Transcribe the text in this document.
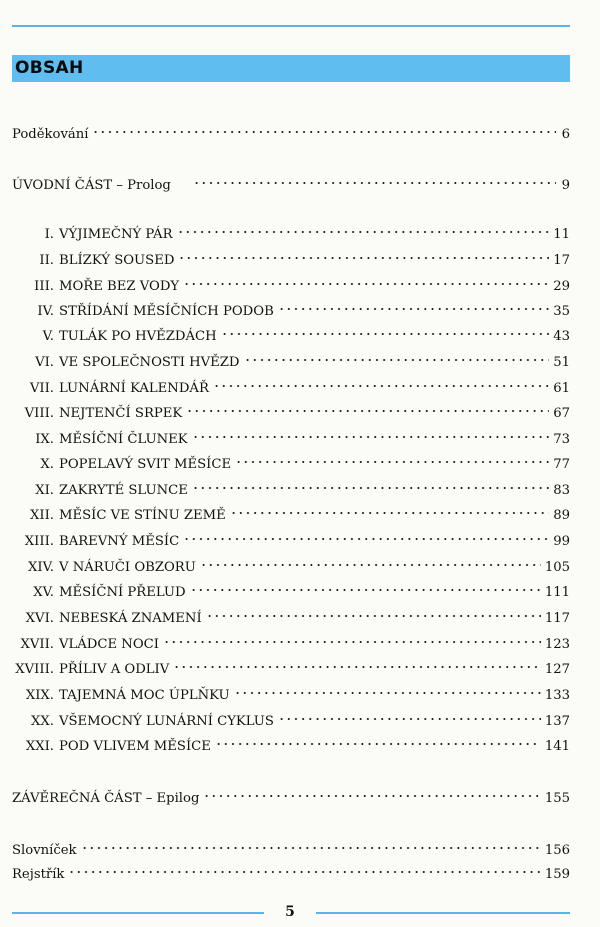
OBSAH
Poděkování	6
ÚVODNÍ ČÁST – Prolog	9
I. VÝJIMEČNÝ PÁR	11
II. BLÍZKÝ SOUSED	17
III. MOŘE BEZ VODY	29
IV. STŘÍDÁNÍ MĚSÍČNÍCH PODOB	35
V. TULÁK PO HVĚZDÁCH	43
VI. VE SPOLEČNOSTI HVĚZD	51
VII. LUNÁRNÍ KALENDÁŘ	61
VIII. NEJTENČÍ SRPEK	67
IX. MĚSÍČNÍ ČLUNEK	73
X. POPELAVÝ SVIT MĚSÍCE	77
XI. ZAKRYTÉ SLUNCE	83
XII. MĚSÍC VE STÍNU ZEMĚ	89
XIII. BAREVNÝ MĚSÍC	99
XIV. V NÁRUČI OBZORU	105
XV. MĚSÍČNÍ PŘELUD	111
XVI. NEBESKÁ ZNAMENÍ	117
XVII. VLÁDCE NOCI	123
XVIII. PŘÍLIV A ODLIV	127
XIX. TAJEMNÁ MOC ÚPLŇKU	133
XX. VŠEMOCNÝ LUNÁRNÍ CYKLUS	137
XXI. POD VLIVEM MĚSÍCE	141
ZÁVĚREČNÁ ČÁST – Epilog	155
Slovníček	156
Rejstřík	159
5
